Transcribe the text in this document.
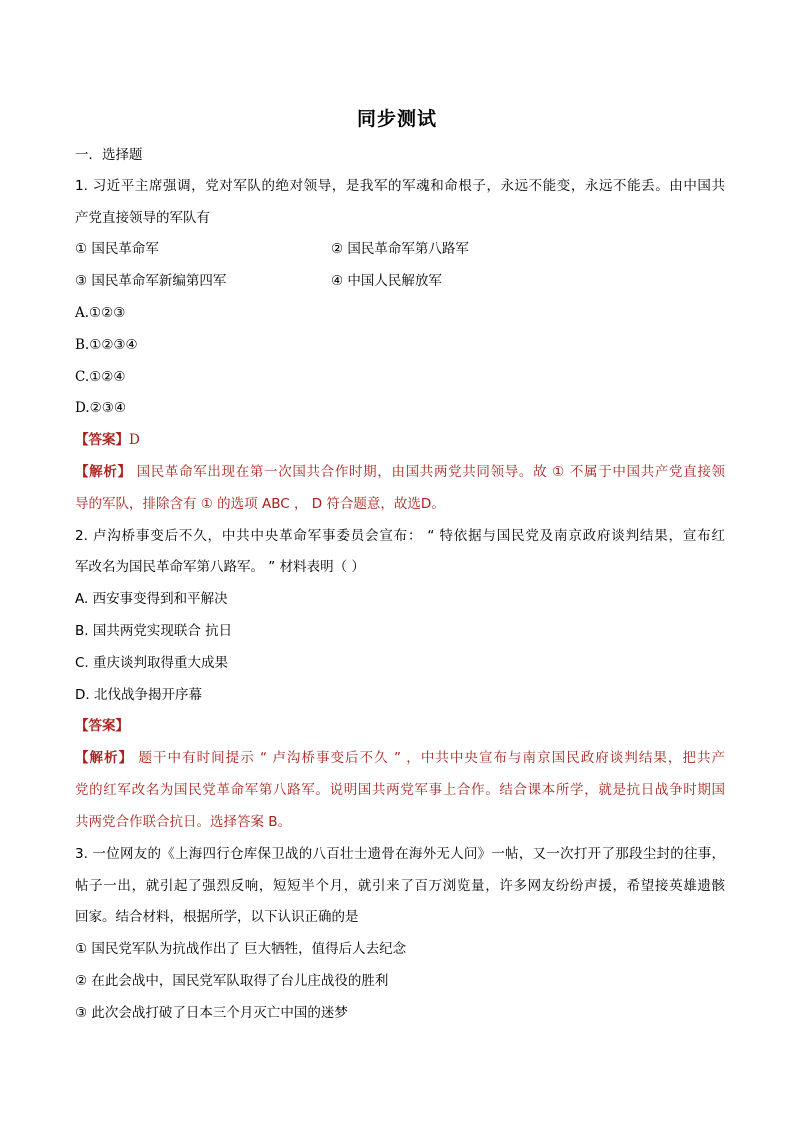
同步测试
一．选择题
1. 习近平主席强调，党对军队的绝对领导，是我军的军魂和命根子，永远不能变，永远不能丢。由中国共
产党直接领导的军队有
① 国民革命军	② 国民革命军第八路军
③ 国民革命军新编第四军	④ 中国人民解放军
A.①②③
B.①②③④
C.①②④
D.②③④
【答案】D
【解析】 国民革命军出现在第一次国共合作时期，由国共两党共同领导。故 ① 不属于中国共产党直接领
导的军队，排除含有 ① 的选项 ABC ， D 符合题意，故选D。
2. 卢沟桥事变后不久，中共中央革命军事委员会宣布： “ 特依据与国民党及南京政府谈判结果，宣布红
军改名为国民革命军第八路军。 ” 材料表明（ ）
A. 西安事变得到和平解决
B. 国共两党实现联合 抗日
C. 重庆谈判取得重大成果
D. 北伐战争揭开序幕
【答案】
【解析】 题干中有时间提示 “ 卢沟桥事变后不久 ” ，中共中央宣布与南京国民政府谈判结果，把共产
党的红军改名为国民党革命军第八路军。说明国共两党军事上合作。结合课本所学，就是抗日战争时期国
共两党合作联合抗日。选择答案 B。
3. 一位网友的《上海四行仓库保卫战的八百壮士遗骨在海外无人问》一帖，又一次打开了那段尘封的往事，
帖子一出，就引起了强烈反响，短短半个月，就引来了百万浏览量，许多网友纷纷声援，希望接英雄遗骸
回家。结合材料，根据所学，以下认识正确的是
① 国民党军队为抗战作出了 巨大牺牲，值得后人去纪念
② 在此会战中，国民党军队取得了台儿庄战役的胜利
③ 此次会战打破了日本三个月灭亡中国的迷梦
